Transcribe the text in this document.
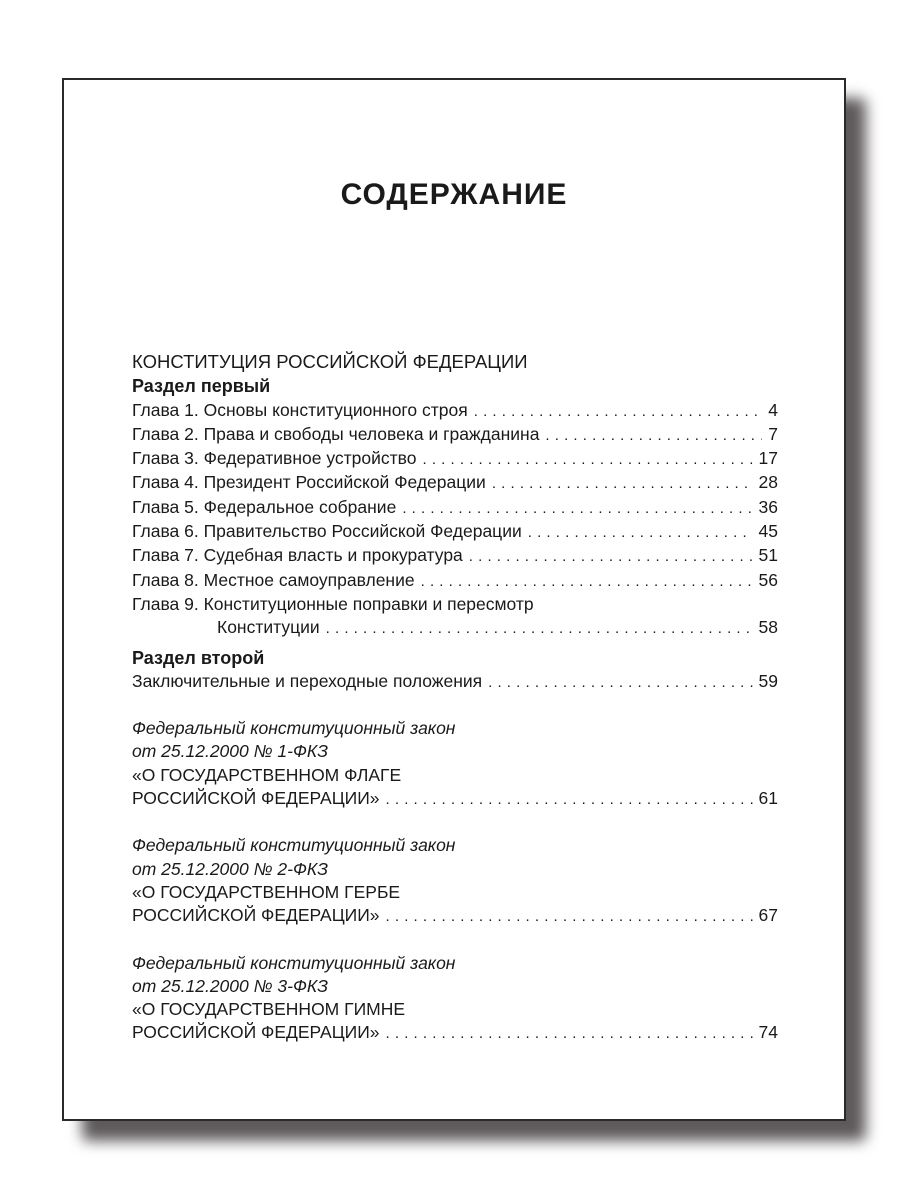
СОДЕРЖАНИЕ
КОНСТИТУЦИЯ РОССИЙСКОЙ ФЕДЕРАЦИИ
Раздел первый
Глава 1. Основы конституционного строя . . .	4
Глава 2. Права и свободы человека и гражданина . . .	7
Глава 3. Федеративное устройство . . .	17
Глава 4. Президент Российской Федерации . . .	28
Глава 5. Федеральное собрание . . .	36
Глава 6. Правительство Российской Федерации . . .	45
Глава 7. Судебная власть и прокуратура . . .	51
Глава 8. Местное самоуправление . . .	56
Глава 9. Конституционные поправки и пересмотр
Конституции . . .	58
Раздел второй
Заключительные и переходные положения . . .	59
Федеральный конституционный закон
от 25.12.2000 № 1-ФКЗ
«О ГОСУДАРСТВЕННОМ ФЛАГЕ
РОССИЙСКОЙ ФЕДЕРАЦИИ» . . .	61
Федеральный конституционный закон
от 25.12.2000 № 2-ФКЗ
«О ГОСУДАРСТВЕННОМ ГЕРБЕ
РОССИЙСКОЙ ФЕДЕРАЦИИ» . . .	67
Федеральный конституционный закон
от 25.12.2000 № 3-ФКЗ
«О ГОСУДАРСТВЕННОМ ГИМНЕ
РОССИЙСКОЙ ФЕДЕРАЦИИ» . . .	74
